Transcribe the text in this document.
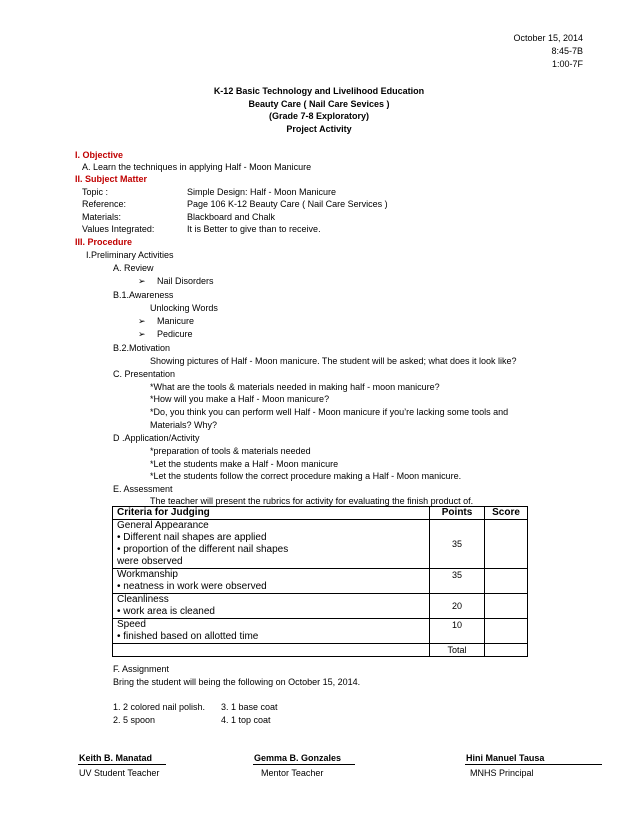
October 15, 2014
8:45-7B
1:00-7F
K-12 Basic Technology and Livelihood Education
Beauty Care ( Nail Care Sevices )
(Grade 7-8 Exploratory)
Project Activity
I. Objective
A. Learn the techniques in applying Half - Moon Manicure
II. Subject Matter
Topic :	Simple Design: Half - Moon Manicure
Reference:	Page 106 K-12 Beauty Care ( Nail Care Services )
Materials:	Blackboard and Chalk
Values Integrated:	It is Better to give than to receive.
III. Procedure
I.Preliminary Activities
A. Review
➢ Nail Disorders
B.1.Awareness
Unlocking Words
➢ Manicure
➢ Pedicure
B.2.Motivation
Showing pictures of Half - Moon manicure. The student will be asked; what does it look like?
C. Presentation
*What are the tools & materials needed in making half - moon manicure?
*How will you make a Half - Moon manicure?
*Do, you think you can perform well Half - Moon manicure if you’re lacking some tools and
Materials? Why?
D .Application/Activity
*preparation of tools & materials needed
*Let the students make a Half - Moon manicure
*Let the students follow the correct procedure making a Half - Moon manicure.
E. Assessment
The teacher will present the rubrics for activity for evaluating the finish product of.
Criteria for Judging	Points	Score

General Appearance
• Different nail shapes are applied
• proportion of the different nail shapes
were observed	35	

Workmanship
• neatness in work were observed	35	

Cleanliness
• work area is cleaned	20	

Speed
• finished based on allotted time	10	
	Total	
F. Assignment
Bring the student will being the following on October 15, 2014.
1. 2 colored nail polish. 3. 1 base coat
2. 5 spoon	4. 1 top coat
Keith B. Manatad
UV Student Teacher
Gemma B. Gonzales
Mentor Teacher
Hini Manuel Tausa
MNHS Principal
